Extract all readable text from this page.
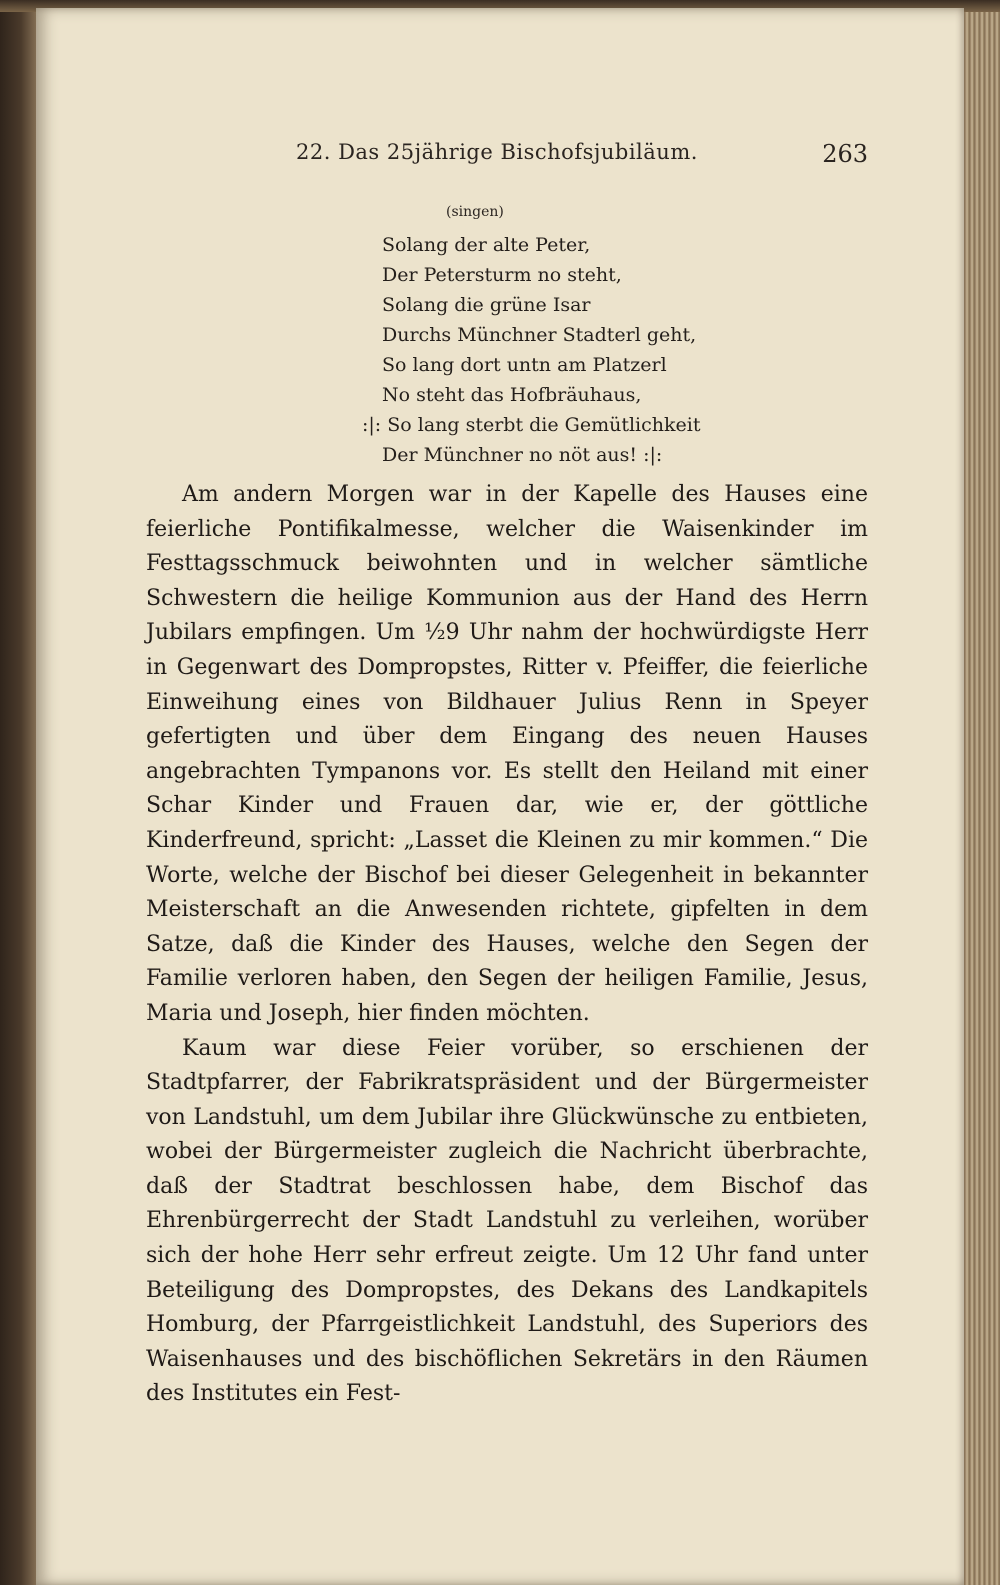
22. Das 25jährige Bischofsjubiläum.	263
(singen)
Solang der alte Peter,
Der Petersturm no steht,
Solang die grüne Isar
Durchs Münchner Stadterl geht,
So lang dort untn am Platzerl
No steht das Hofbräuhaus,
:|: So lang sterbt die Gemütlichkeit
Der Münchner no nöt aus! :|:

Am andern Morgen war in der Kapelle des Hauses eine feierliche Pontifikalmesse, welcher die Waisenkinder im Festtagsschmuck beiwohnten und in welcher sämtliche Schwestern die heilige Kommunion aus der Hand des Herrn Jubilars empfingen. Um ½9 Uhr nahm der hochwürdigste Herr in Gegenwart des Dompropstes, Ritter v. Pfeiffer, die feierliche Einweihung eines von Bildhauer Julius Renn in Speyer gefertigten und über dem Eingang des neuen Hauses angebrachten Tympanons vor. Es stellt den Heiland mit einer Schar Kinder und Frauen dar, wie er, der göttliche Kinderfreund, spricht: „Lasset die Kleinen zu mir kommen.“ Die Worte, welche der Bischof bei dieser Gelegenheit in bekannter Meisterschaft an die Anwesenden richtete, gipfelten in dem Satze, daß die Kinder des Hauses, welche den Segen der Familie verloren haben, den Segen der heiligen Familie, Jesus, Maria und Joseph, hier finden möchten.

Kaum war diese Feier vorüber, so erschienen der Stadtpfarrer, der Fabrikratspräsident und der Bürgermeister von Landstuhl, um dem Jubilar ihre Glückwünsche zu entbieten, wobei der Bürgermeister zugleich die Nachricht überbrachte, daß der Stadtrat beschlossen habe, dem Bischof das Ehrenbürgerrecht der Stadt Landstuhl zu verleihen, worüber sich der hohe Herr sehr erfreut zeigte. Um 12 Uhr fand unter Beteiligung des Dompropstes, des Dekans des Landkapitels Homburg, der Pfarrgeistlichkeit Landstuhl, des Superiors des Waisenhauses und des bischöflichen Sekretärs in den Räumen des Institutes ein Fest-
